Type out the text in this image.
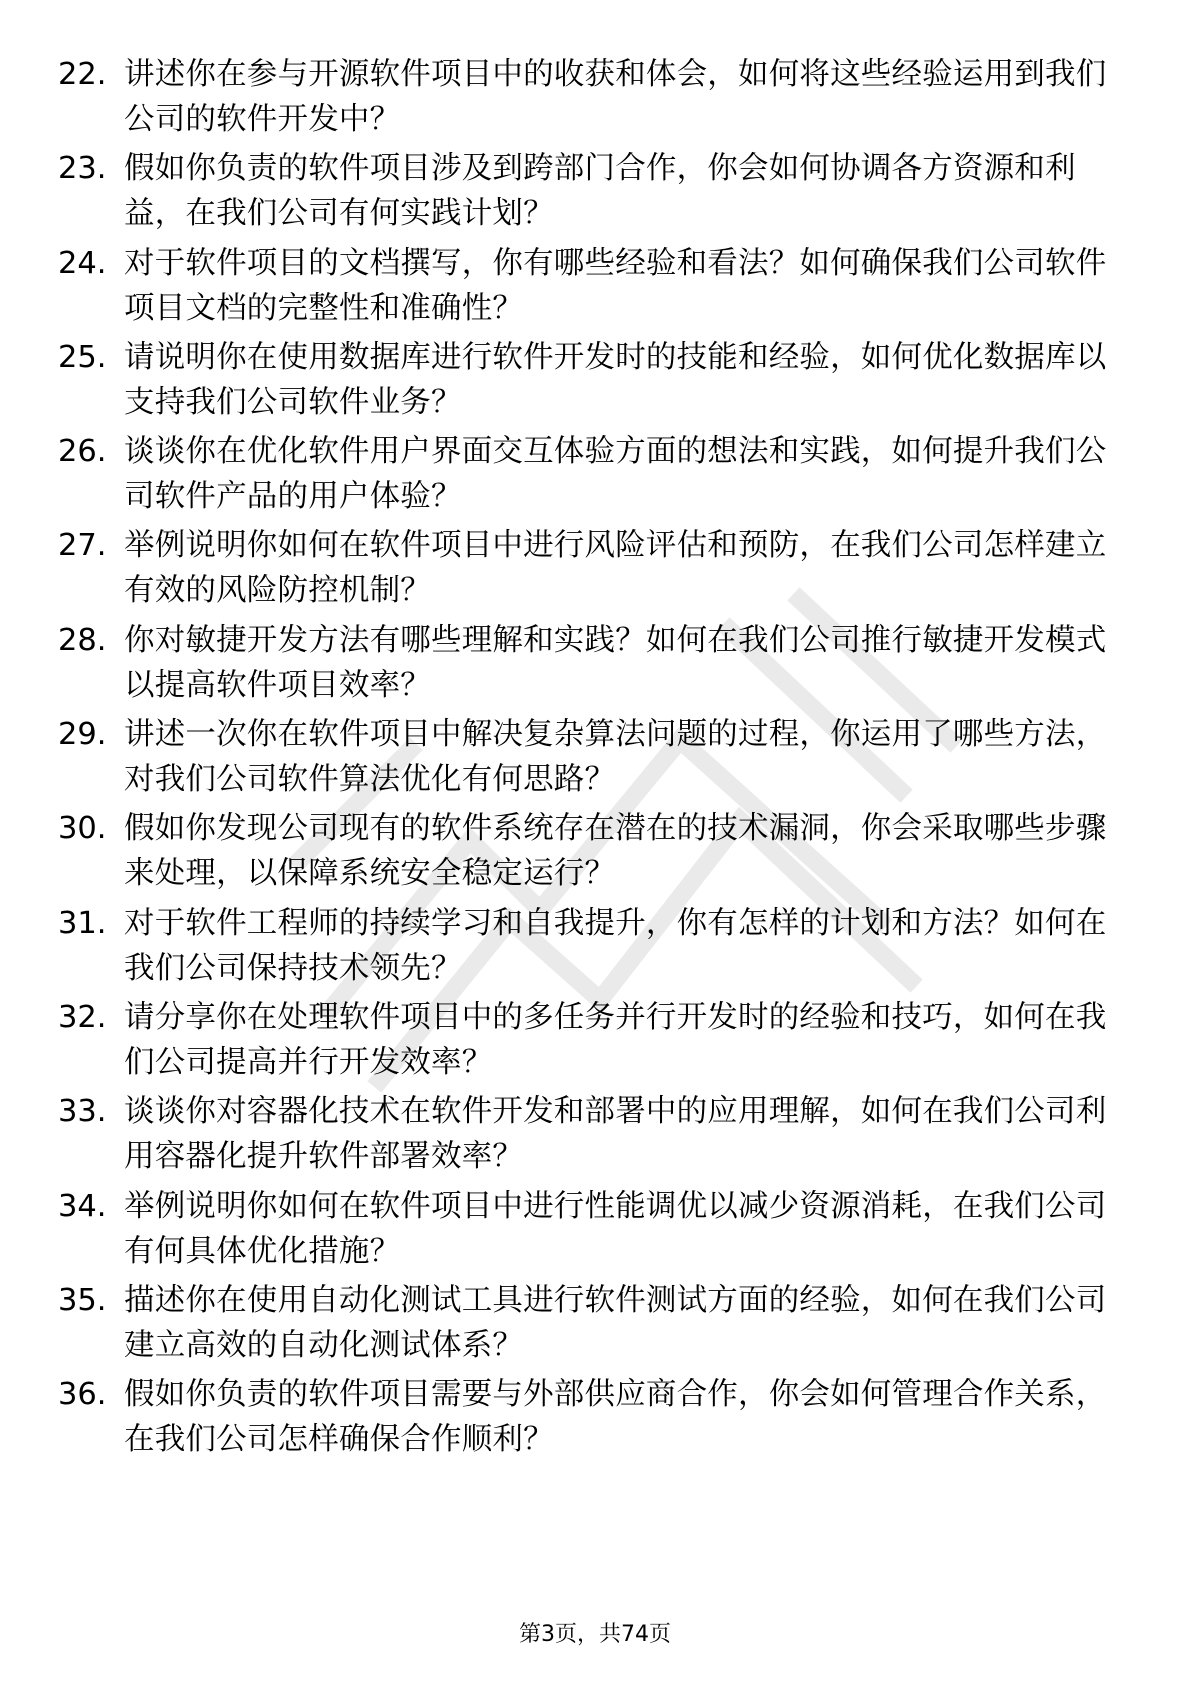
22. 讲述你在参与开源软件项目中的收获和体会，如何将这些经验运用到我们公司的软件开发中？
23. 假如你负责的软件项目涉及到跨部门合作，你会如何协调各方资源和利益，在我们公司有何实践计划？
24. 对于软件项目的文档撰写，你有哪些经验和看法？如何确保我们公司软件项目文档的完整性和准确性？
25. 请说明你在使用数据库进行软件开发时的技能和经验，如何优化数据库以支持我们公司软件业务？
26. 谈谈你在优化软件用户界面交互体验方面的想法和实践，如何提升我们公司软件产品的用户体验？
27. 举例说明你如何在软件项目中进行风险评估和预防，在我们公司怎样建立有效的风险防控机制？
28. 你对敏捷开发方法有哪些理解和实践？如何在我们公司推行敏捷开发模式以提高软件项目效率？
29. 讲述一次你在软件项目中解决复杂算法问题的过程，你运用了哪些方法，对我们公司软件算法优化有何思路？
30. 假如你发现公司现有的软件系统存在潜在的技术漏洞，你会采取哪些步骤来处理，以保障系统安全稳定运行？
31. 对于软件工程师的持续学习和自我提升，你有怎样的计划和方法？如何在我们公司保持技术领先？
32. 请分享你在处理软件项目中的多任务并行开发时的经验和技巧，如何在我们公司提高并行开发效率？
33. 谈谈你对容器化技术在软件开发和部署中的应用理解，如何在我们公司利用容器化提升软件部署效率？
34. 举例说明你如何在软件项目中进行性能调优以减少资源消耗，在我们公司有何具体优化措施？
35. 描述你在使用自动化测试工具进行软件测试方面的经验，如何在我们公司建立高效的自动化测试体系？
36. 假如你负责的软件项目需要与外部供应商合作，你会如何管理合作关系，在我们公司怎样确保合作顺利？
第3页，共74页
